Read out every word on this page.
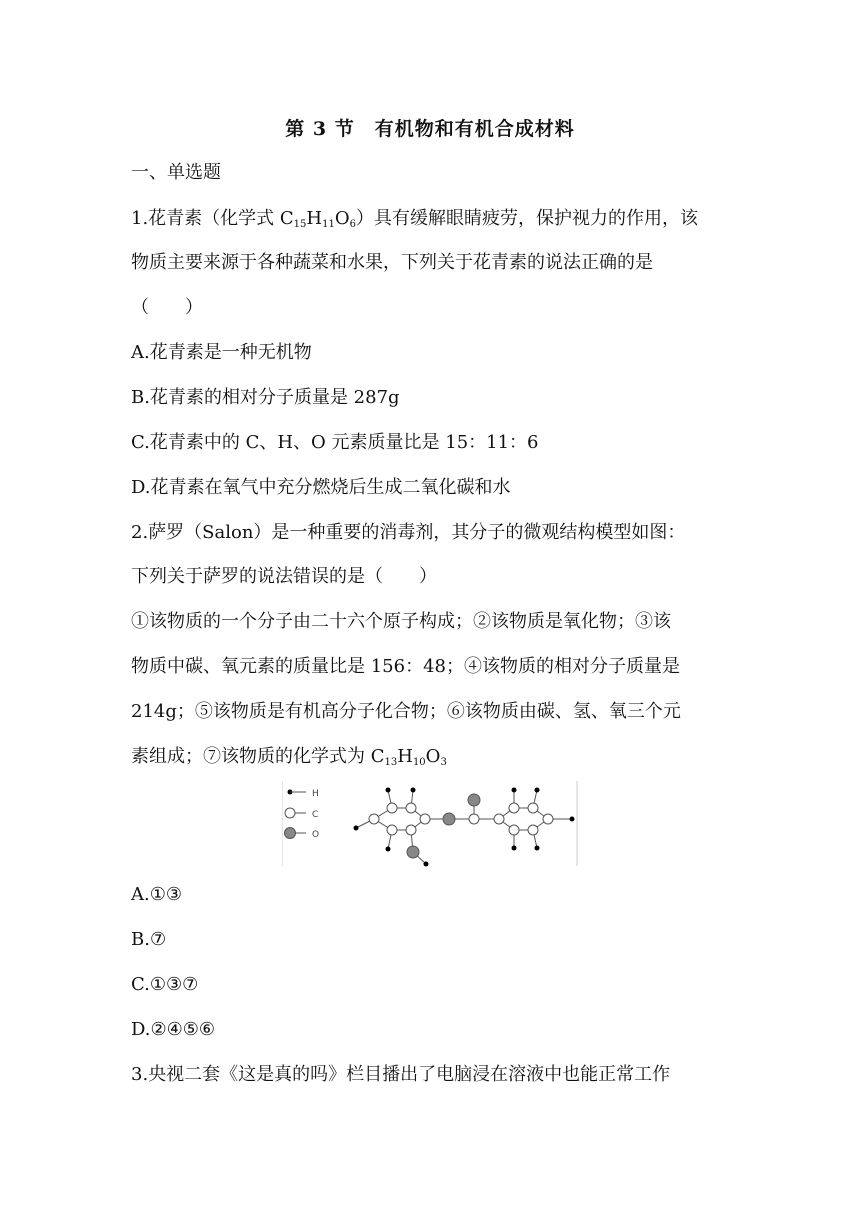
第 3 节　有机物和有机合成材料
一、单选题
1.花青素（化学式 $C_{15}H_{11}O_6$）具有缓解眼睛疲劳，保护视力的作用，该
物质主要来源于各种蔬菜和水果，下列关于花青素的说法正确的是
（　　）
A.花青素是一种无机物
B.花青素的相对分子质量是 287g
C.花青素中的 C、H、O 元素质量比是 15：11：6
D.花青素在氧气中充分燃烧后生成二氧化碳和水
2.萨罗（Salon）是一种重要的消毒剂，其分子的微观结构模型如图：
下列关于萨罗的说法错误的是（　　）
①该物质的一个分子由二十六个原子构成；②该物质是氧化物；③该
物质中碳、氧元素的质量比是 156：48；④该物质的相对分子质量是
214g；⑤该物质是有机高分子化合物；⑥该物质由碳、氢、氧三个元
素组成；⑦该物质的化学式为 $C_{13}H_{10}O_3$
H
C
O
A.①③
B.⑦
C.①③⑦
D.②④⑤⑥
3.央视二套《这是真的吗》栏目播出了电脑浸在溶液中也能正常工作
